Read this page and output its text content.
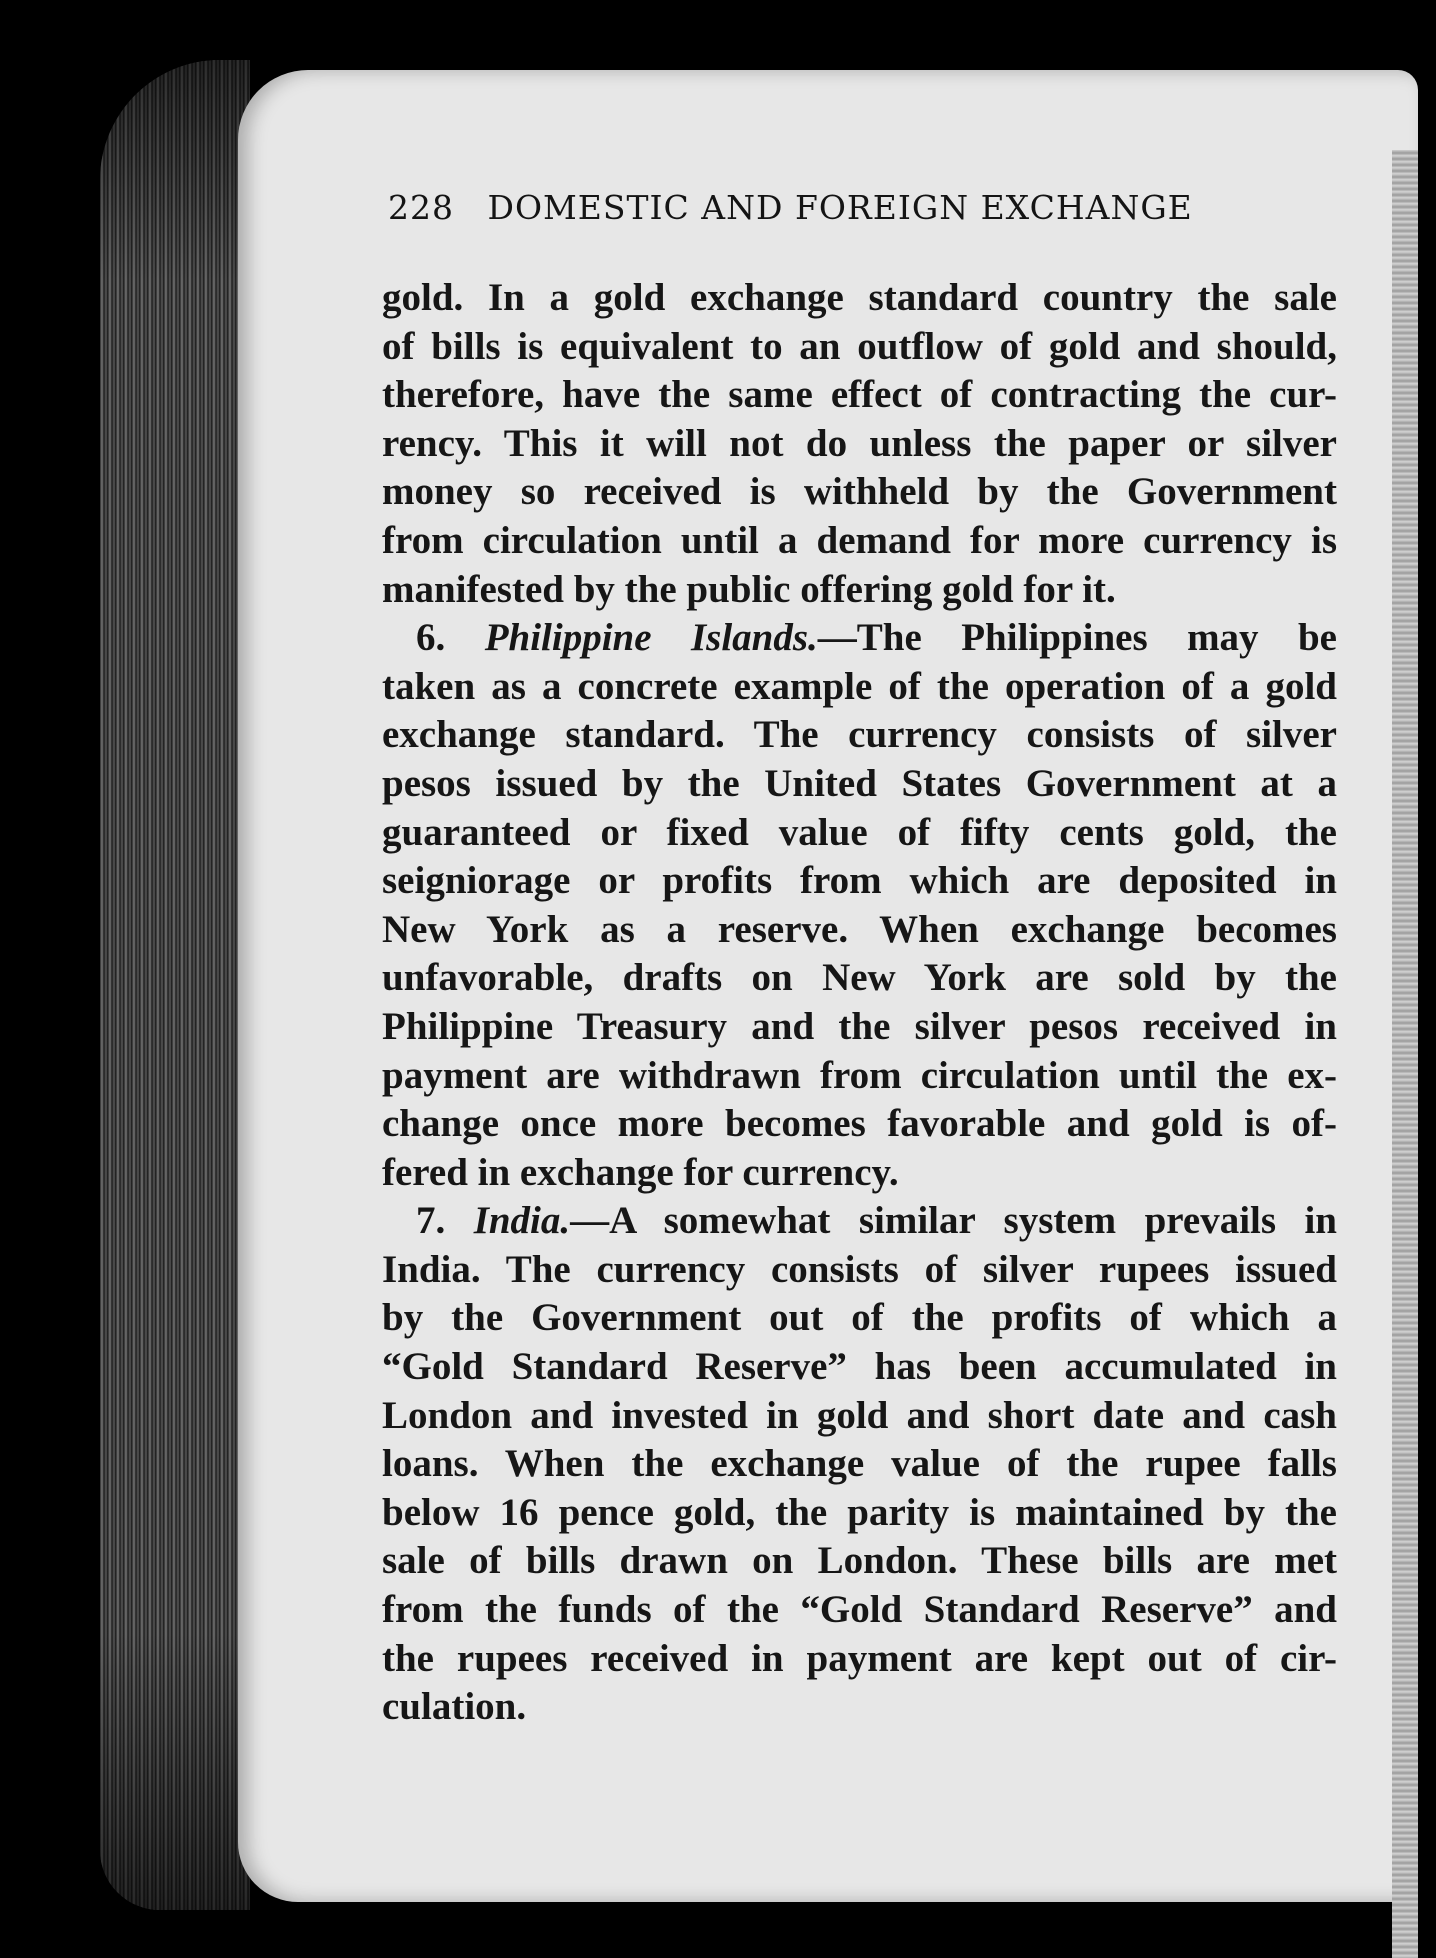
228 DOMESTIC AND FOREIGN EXCHANGE
gold. In a gold exchange standard country the sale
of bills is equivalent to an outflow of gold and should,
therefore, have the same effect of contracting the cur-
rency. This it will not do unless the paper or silver
money so received is withheld by the Government
from circulation until a demand for more currency is
manifested by the public offering gold for it.
6. Philippine Islands.—The Philippines may be
taken as a concrete example of the operation of a gold
exchange standard. The currency consists of silver
pesos issued by the United States Government at a
guaranteed or fixed value of fifty cents gold, the
seigniorage or profits from which are deposited in
New York as a reserve. When exchange becomes
unfavorable, drafts on New York are sold by the
Philippine Treasury and the silver pesos received in
payment are withdrawn from circulation until the ex-
change once more becomes favorable and gold is of-
fered in exchange for currency.
7. India.—A somewhat similar system prevails in
India. The currency consists of silver rupees issued
by the Government out of the profits of which a
“Gold Standard Reserve” has been accumulated in
London and invested in gold and short date and cash
loans. When the exchange value of the rupee falls
below 16 pence gold, the parity is maintained by the
sale of bills drawn on London. These bills are met
from the funds of the “Gold Standard Reserve” and
the rupees received in payment are kept out of cir-
culation.
